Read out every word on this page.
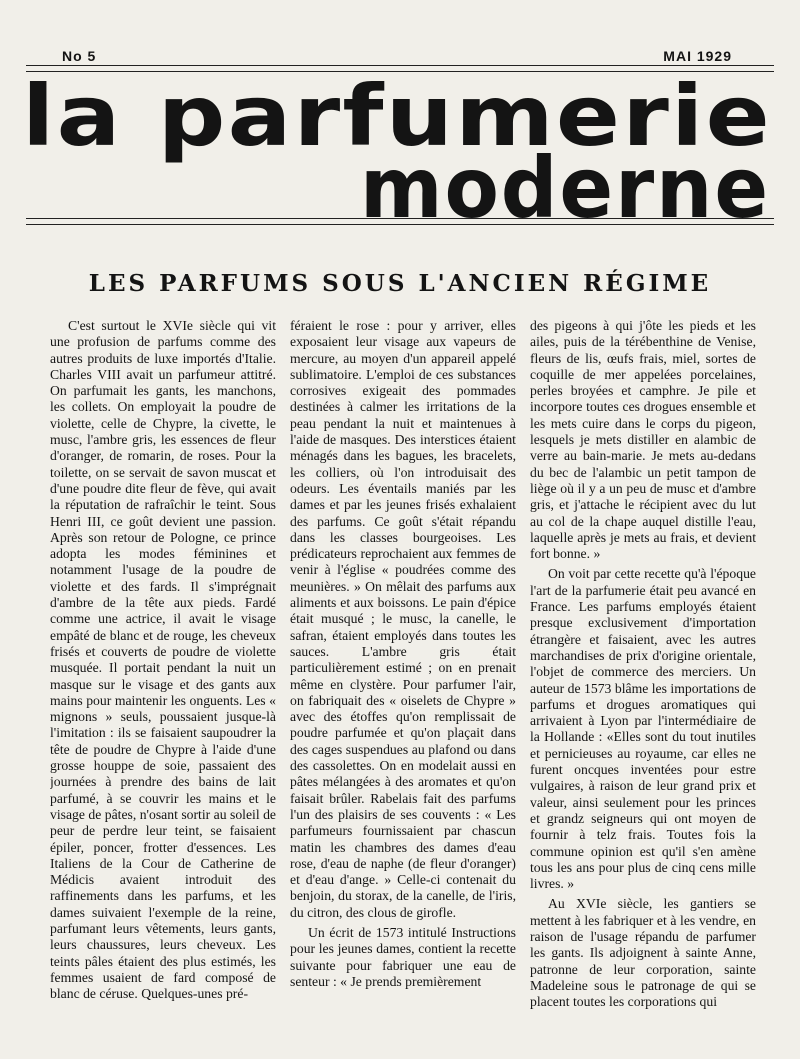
No 5	MAI 1929
la parfumerie
moderne
LES PARFUMS SOUS L'ANCIEN RÉGIME

C'est surtout le XVIe siècle qui vit une profusion de parfums comme des autres produits de luxe importés d'Italie. Charles VIII avait un parfumeur attitré. On parfumait les gants, les manchons, les collets. On employait la poudre de violette, celle de Chypre, la civette, le musc, l'ambre gris, les essences de fleur d'oranger, de romarin, de roses. Pour la toilette, on se servait de savon muscat et d'une poudre dite fleur de fève, qui avait la réputation de rafraîchir le teint. Sous Henri III, ce goût devient une passion. Après son retour de Pologne, ce prince adopta les modes féminines et notamment l'usage de la poudre de violette et des fards. Il s'imprégnait d'ambre de la tête aux pieds. Fardé comme une actrice, il avait le visage empâté de blanc et de rouge, les cheveux frisés et couverts de poudre de violette musquée. Il portait pendant la nuit un masque sur le visage et des gants aux mains pour maintenir les onguents. Les « mignons » seuls, poussaient jusque-là l'imitation : ils se faisaient saupoudrer la tête de poudre de Chypre à l'aide d'une grosse houppe de soie, passaient des journées à prendre des bains de lait parfumé, à se couvrir les mains et le visage de pâtes, n'osant sortir au soleil de peur de perdre leur teint, se faisaient épiler, poncer, frotter d'essences. Les Italiens de la Cour de Catherine de Médicis avaient introduit des raffinements dans les parfums, et les dames suivaient l'exemple de la reine, parfumant leurs vêtements, leurs gants, leurs chaussures, leurs cheveux. Les teints pâles étaient des plus estimés, les femmes usaient de fard composé de blanc de céruse. Quelques-unes pré-

féraient le rose : pour y arriver, elles exposaient leur visage aux vapeurs de mercure, au moyen d'un appareil appelé sublimatoire. L'emploi de ces substances corrosives exigeait des pommades destinées à calmer les irritations de la peau pendant la nuit et maintenues à l'aide de masques. Des interstices étaient ménagés dans les bagues, les bracelets, les colliers, où l'on introduisait des odeurs. Les éventails maniés par les dames et par les jeunes frisés exhalaient des parfums. Ce goût s'était répandu dans les classes bourgeoises. Les prédicateurs reprochaient aux femmes de venir à l'église « poudrées comme des meunières. » On mêlait des parfums aux aliments et aux boissons. Le pain d'épice était musqué ; le musc, la canelle, le safran, étaient employés dans toutes les sauces. L'ambre gris était particulièrement estimé ; on en prenait même en clystère. Pour parfumer l'air, on fabriquait des « oiselets de Chypre » avec des étoffes qu'on remplissait de poudre parfumée et qu'on plaçait dans des cages suspendues au plafond ou dans des cassolettes. On en modelait aussi en pâtes mélangées à des aromates et qu'on faisait brûler. Rabelais fait des parfums l'un des plaisirs de ses couvents : « Les parfumeurs fournissaient par chascun matin les chambres des dames d'eau rose, d'eau de naphe (de fleur d'oranger) et d'eau d'ange. » Celle-ci contenait du benjoin, du storax, de la canelle, de l'iris, du citron, des clous de girofle.

Un écrit de 1573 intitulé Instructions pour les jeunes dames, contient la recette suivante pour fabriquer une eau de senteur : « Je prends premièrement

des pigeons à qui j'ôte les pieds et les ailes, puis de la térébenthine de Venise, fleurs de lis, œufs frais, miel, sortes de coquille de mer appelées porcelaines, perles broyées et camphre. Je pile et incorpore toutes ces drogues ensemble et les mets cuire dans le corps du pigeon, lesquels je mets distiller en alambic de verre au bain-marie. Je mets au-dedans du bec de l'alambic un petit tampon de liège où il y a un peu de musc et d'ambre gris, et j'attache le récipient avec du lut au col de la chape auquel distille l'eau, laquelle après je mets au frais, et devient fort bonne. »

On voit par cette recette qu'à l'époque l'art de la parfumerie était peu avancé en France. Les parfums employés étaient presque exclusivement d'importation étrangère et faisaient, avec les autres marchandises de prix d'origine orientale, l'objet de commerce des merciers. Un auteur de 1573 blâme les importations de parfums et drogues aromatiques qui arrivaient à Lyon par l'intermédiaire de la Hollande : «Elles sont du tout inutiles et pernicieuses au royaume, car elles ne furent oncques inventées pour estre vulgaires, à raison de leur grand prix et valeur, ainsi seulement pour les princes et grandz seigneurs qui ont moyen de fournir à telz frais. Toutes fois la commune opinion est qu'il s'en amène tous les ans pour plus de cinq cens mille livres. »

Au XVIe siècle, les gantiers se mettent à les fabriquer et à les vendre, en raison de l'usage répandu de parfumer les gants. Ils adjoignent à sainte Anne, patronne de leur corporation, sainte Madeleine sous le patronage de qui se placent toutes les corporations qui
